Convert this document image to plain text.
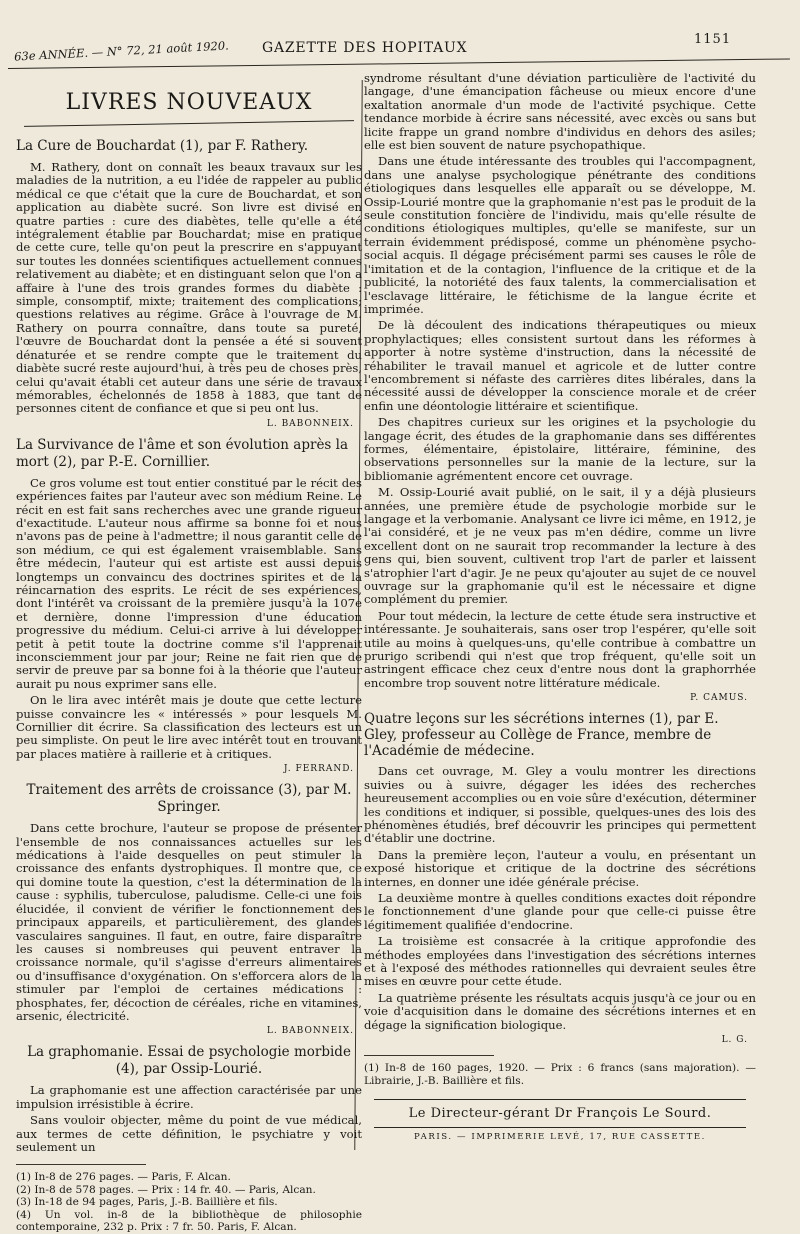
63e ANNÉE. — N° 72, 21 août 1920. GAZETTE DES HOPITAUX
1151
LIVRES NOUVEAUX
La Cure de Bouchardat (1), par F. Rathery.

M. Rathery, dont on connaît les beaux travaux sur les maladies de la nutrition, a eu l'idée de rappeler au public médical ce que c'était que la cure de Bouchardat, et son application au diabète sucré. Son livre est divisé en quatre parties : cure des diabètes, telle qu'elle a été intégralement établie par Bouchardat; mise en pratique de cette cure, telle qu'on peut la prescrire en s'appuyant sur toutes les données scientifiques actuellement connues relativement au diabète; et en distinguant selon que l'on a affaire à l'une des trois grandes formes du diabète : simple, consomptif, mixte; traitement des complications; questions relatives au régime. Grâce à l'ouvrage de M. Rathery on pourra connaître, dans toute sa pureté, l'œuvre de Bouchardat dont la pensée a été si souvent dénaturée et se rendre compte que le traitement du diabète sucré reste aujourd'hui, à très peu de choses près, celui qu'avait établi cet auteur dans une série de travaux mémorables, échelonnés de 1858 à 1883, que tant de personnes citent de confiance et que si peu ont lus.

L. BABONNEIX.
La Survivance de l'âme et son évolution après la mort (2), par P.-E. Cornillier.

Ce gros volume est tout entier constitué par le récit des expériences faites par l'auteur avec son médium Reine. Le récit en est fait sans recherches avec une grande rigueur d'exactitude. L'auteur nous affirme sa bonne foi et nous n'avons pas de peine à l'admettre; il nous garantit celle de son médium, ce qui est également vraisemblable. Sans être médecin, l'auteur qui est artiste est aussi depuis longtemps un convaincu des doctrines spirites et de la réincarnation des esprits. Le récit de ses expériences, dont l'intérêt va croissant de la première jusqu'à la 107e et dernière, donne l'impression d'une éducation progressive du médium. Celui-ci arrive à lui développer petit à petit toute la doctrine comme s'il l'apprenait inconsciemment jour par jour; Reine ne fait rien que de servir de preuve par sa bonne foi à la théorie que l'auteur aurait pu nous exprimer sans elle.

On le lira avec intérêt mais je doute que cette lecture puisse convaincre les « intéressés » pour lesquels M. Cornillier dit écrire. Sa classification des lecteurs est un peu simpliste. On peut le lire avec intérêt tout en trouvant par places matière à raillerie et à critiques.

J. FERRAND.
Traitement des arrêts de croissance (3), par M. Springer.

Dans cette brochure, l'auteur se propose de présenter l'ensemble de nos connaissances actuelles sur les médications à l'aide desquelles on peut stimuler la croissance des enfants dystrophiques. Il montre que, ce qui domine toute la question, c'est la détermination de la cause : syphilis, tuberculose, paludisme. Celle-ci une fois élucidée, il convient de vérifier le fonctionnement des principaux appareils, et particulièrement, des glandes vasculaires sanguines. Il faut, en outre, faire disparaître les causes si nombreuses qui peuvent entraver la croissance normale, qu'il s'agisse d'erreurs alimentaires ou d'insuffisance d'oxygénation. On s'efforcera alors de la stimuler par l'emploi de certaines médications : phosphates, fer, décoction de céréales, riche en vitamines, arsenic, électricité.

L. BABONNEIX.
La graphomanie. Essai de psychologie morbide (4), par Ossip-Lourié.

La graphomanie est une affection caractérisée par une impulsion irrésistible à écrire.

Sans vouloir objecter, même du point de vue médical, aux termes de cette définition, le psychiatre y voit seulement un

(1) In-8 de 276 pages. — Paris, F. Alcan.

(2) In-8 de 578 pages. — Prix : 14 fr. 40. — Paris, Alcan.

(3) In-18 de 94 pages, Paris, J.-B. Baillière et fils.

(4) Un vol. in-8 de la bibliothèque de philosophie contemporaine, 232 p. Prix : 7 fr. 50. Paris, F. Alcan.

syndrome résultant d'une déviation particulière de l'activité du langage, d'une émancipation fâcheuse ou mieux encore d'une exaltation anormale d'un mode de l'activité psychique. Cette tendance morbide à écrire sans nécessité, avec excès ou sans but licite frappe un grand nombre d'individus en dehors des asiles; elle est bien souvent de nature psychopathique.

Dans une étude intéressante des troubles qui l'accompagnent, dans une analyse psychologique pénétrante des conditions étiologiques dans lesquelles elle apparaît ou se développe, M. Ossip-Lourié montre que la graphomanie n'est pas le produit de la seule constitution foncière de l'individu, mais qu'elle résulte de conditions étiologiques multiples, qu'elle se manifeste, sur un terrain évidemment prédisposé, comme un phénomène psycho-social acquis. Il dégage précisément parmi ses causes le rôle de l'imitation et de la contagion, l'influence de la critique et de la publicité, la notoriété des faux talents, la commercialisation et l'esclavage littéraire, le fétichisme de la langue écrite et imprimée.

De là découlent des indications thérapeutiques ou mieux prophylactiques; elles consistent surtout dans les réformes à apporter à notre système d'instruction, dans la nécessité de réhabiliter le travail manuel et agricole et de lutter contre l'encombrement si néfaste des carrières dites libérales, dans la nécessité aussi de développer la conscience morale et de créer enfin une déontologie littéraire et scientifique.

Des chapitres curieux sur les origines et la psychologie du langage écrit, des études de la graphomanie dans ses différentes formes, élémentaire, épistolaire, littéraire, féminine, des observations personnelles sur la manie de la lecture, sur la bibliomanie agrémentent encore cet ouvrage.

M. Ossip-Lourié avait publié, on le sait, il y a déjà plusieurs années, une première étude de psychologie morbide sur le langage et la verbomanie. Analysant ce livre ici même, en 1912, je l'ai considéré, et je ne veux pas m'en dédire, comme un livre excellent dont on ne saurait trop recommander la lecture à des gens qui, bien souvent, cultivent trop l'art de parler et laissent s'atrophier l'art d'agir. Je ne peux qu'ajouter au sujet de ce nouvel ouvrage sur la graphomanie qu'il est le nécessaire et digne complément du premier.

Pour tout médecin, la lecture de cette étude sera instructive et intéressante. Je souhaiterais, sans oser trop l'espérer, qu'elle soit utile au moins à quelques-uns, qu'elle contribue à combattre un prurigo scribendi qui n'est que trop fréquent, qu'elle soit un astringent efficace chez ceux d'entre nous dont la graphorrhée encombre trop souvent notre littérature médicale.

P. CAMUS.
Quatre leçons sur les sécrétions internes (1), par E. Gley, professeur au Collège de France, membre de l'Académie de médecine.

Dans cet ouvrage, M. Gley a voulu montrer les directions suivies ou à suivre, dégager les idées des recherches heureusement accomplies ou en voie sûre d'exécution, déterminer les conditions et indiquer, si possible, quelques-unes des lois des phénomènes étudiés, bref découvrir les principes qui permettent d'établir une doctrine.

Dans la première leçon, l'auteur a voulu, en présentant un exposé historique et critique de la doctrine des sécrétions internes, en donner une idée générale précise.

La deuxième montre à quelles conditions exactes doit répondre le fonctionnement d'une glande pour que celle-ci puisse être légitimement qualifiée d'endocrine.

La troisième est consacrée à la critique approfondie des méthodes employées dans l'investigation des sécrétions internes et à l'exposé des méthodes rationnelles qui devraient seules être mises en œuvre pour cette étude.

La quatrième présente les résultats acquis jusqu'à ce jour ou en voie d'acquisition dans le domaine des sécrétions internes et en dégage la signification biologique.

L. G.

(1) In-8 de 160 pages, 1920. — Prix : 6 francs (sans majoration). — Librairie, J.-B. Baillière et fils.

Le Directeur-gérant Dr François Le Sourd.
PARIS. — IMPRIMERIE LEVÉ, 17, RUE CASSETTE.
